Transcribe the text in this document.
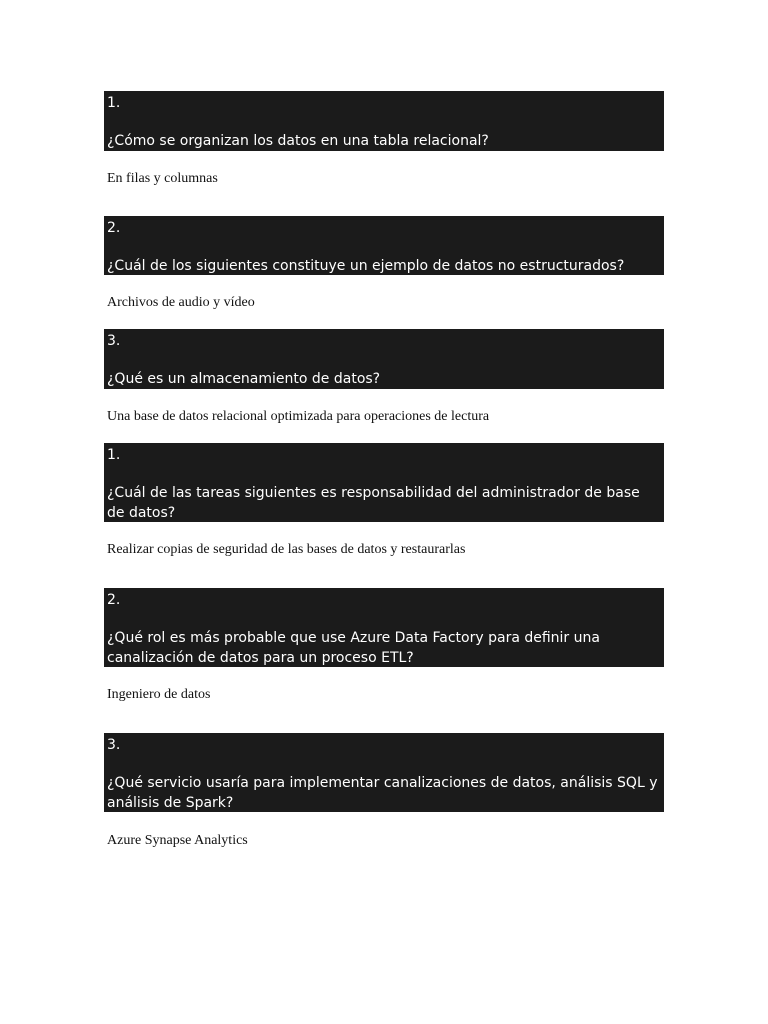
1.
¿Cómo se organizan los datos en una tabla relacional?
En filas y columnas
2.
¿Cuál de los siguientes constituye un ejemplo de datos no estructurados?
Archivos de audio y vídeo
3.
¿Qué es un almacenamiento de datos?
Una base de datos relacional optimizada para operaciones de lectura
1.
¿Cuál de las tareas siguientes es responsabilidad del administrador de base de datos?
Realizar copias de seguridad de las bases de datos y restaurarlas
2.
¿Qué rol es más probable que use Azure Data Factory para definir una canalización de datos para un proceso ETL?
Ingeniero de datos
3.
¿Qué servicio usaría para implementar canalizaciones de datos, análisis SQL y análisis de Spark?
Azure Synapse Analytics
